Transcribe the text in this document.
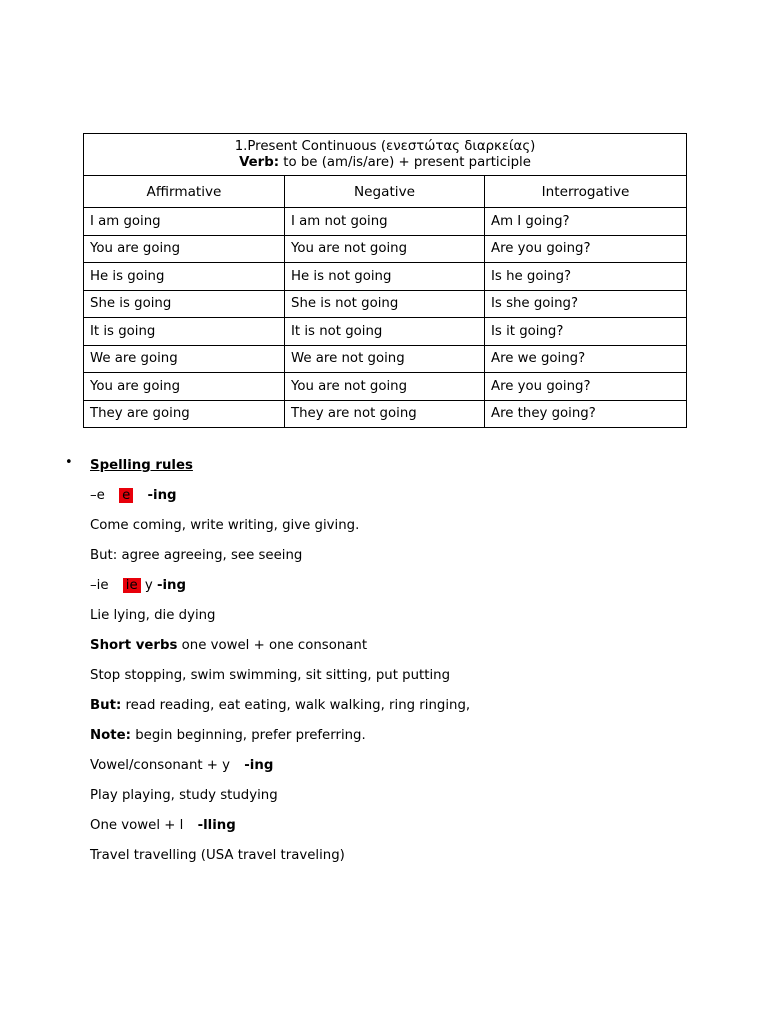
1.Present Continuous (ενεστώτας διαρκείας)
Verb: to be (am/is/are) + present participle		

Affirmative	Negative	Interrogative
I am going	I am not going	Am I going?
You are going	You are not going	Are you going?
He is going	He is not going	Is he going?
She is going	She is not going	Is she going?
It is going	It is not going	Is it going?
We are going	We are not going	Are we going?
You are going	You are not going	Are you going?
They are going	They are not going	Are they going?
• Spelling rules
–e e -ing
Come coming, write writing, give giving.
But: agree agreeing, see seeing
–ie ie y -ing
Lie lying, die dying
Short verbs one vowel + one consonant
Stop stopping, swim swimming, sit sitting, put putting
But: read reading, eat eating, walk walking, ring ringing,
Note: begin beginning, prefer preferring.
Vowel/consonant + y -ing
Play playing, study studying
One vowel + l -lling
Travel travelling (USA travel traveling)
